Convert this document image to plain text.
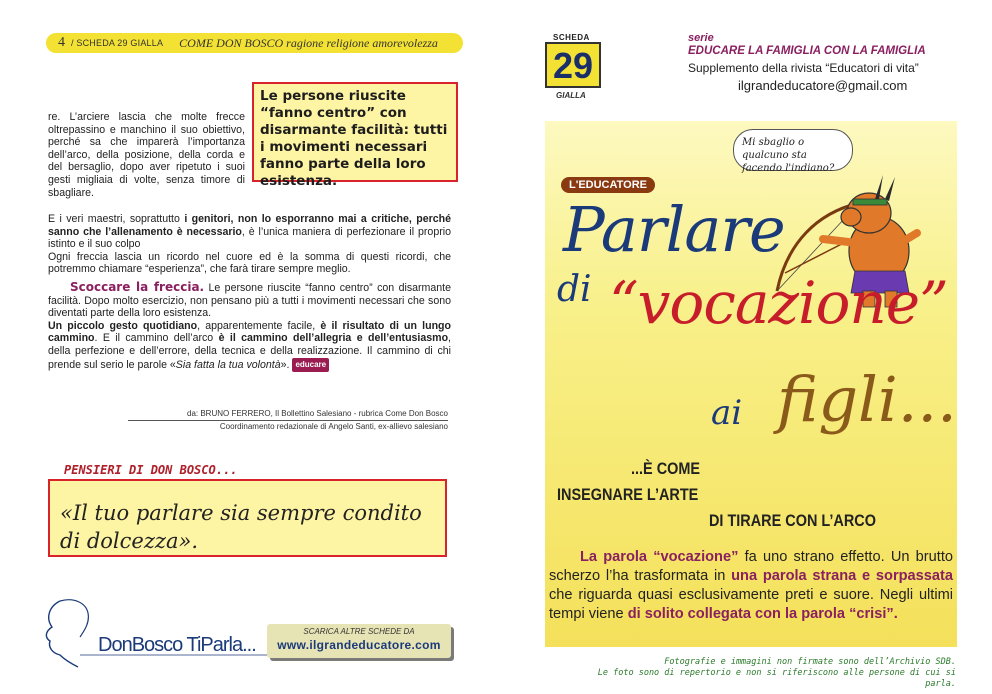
4 / SCHEDA 29 GIALLA COME DON BOSCO ragione religione amorevolezza

Le persone riuscite “fanno centro” con disarmante facilità: tutti i movimenti necessari fanno parte della loro esistenza.

re. L’arciere lascia che molte frecce oltrepassino e manchino il suo obiettivo, perché sa che imparerà l’importanza dell’arco, della posizione, della corda e del bersaglio, dopo aver ripetuto i suoi gesti migliaia di volte, senza timore di sbagliare.

E i veri maestri, soprattutto i genitori, non lo esporranno mai a critiche, perché sanno che l’allenamento è necessario, è l’unica maniera di perfezionare il proprio istinto e il suo colpo

Ogni freccia lascia un ricordo nel cuore ed è la somma di questi ricordi, che potremmo chiamare “esperienza”, che farà tirare sempre meglio.

Scoccare la freccia. Le persone riuscite “fanno centro” con disarmante facilità. Dopo molto esercizio, non pensano più a tutti i movimenti necessari che sono diventati parte della loro esistenza.

Un piccolo gesto quotidiano, apparentemente facile, è il risultato di un lungo cammino. E il cammino dell’arco è il cammino dell’allegria e dell’entusiasmo, della perfezione e dell’errore, della tecnica e della realizzazione. Il cammino di chi prende sul serio le parole «Sia fatta la tua volontà». educare

da: BRUNO FERRERO, Il Bollettino Salesiano - rubrica Come Don Bosco
Coordinamento redazionale di Angelo Santi, ex-allievo salesiano
PENSIERI DI DON BOSCO...

«Il tuo parlare sia sempre condito di dolcezza».

DonBosco TiParla...
SCARICA ALTRE SCHEDE DA
www.ilgrandeducatore.com
SCHEDA
29
GIALLA
serie
EDUCARE LA FAMIGLIA CON LA FAMIGLIA
Supplemento della rivista “Educatori di vita”
ilgrandeducatore@gmail.com
Mi sbaglio o qualcuno sta facendo l'indiano?
L'EDUCATORE
Parlare
di “vocazione”
ai figli...
...È COME
INSEGNARE L’ARTE
DI TIRARE CON L’ARCO
La parola “vocazione” fa uno strano effetto. Un brutto scherzo l’ha trasformata in una parola strana e sorpassata che riguarda quasi esclusivamente preti e suore. Negli ultimi tempi viene di solito collegata con la parola “crisi”.
Fotografie e immagini non firmate sono dell’Archivio SDB.
Le foto sono di repertorio e non si riferiscono alle persone di cui si parla.
